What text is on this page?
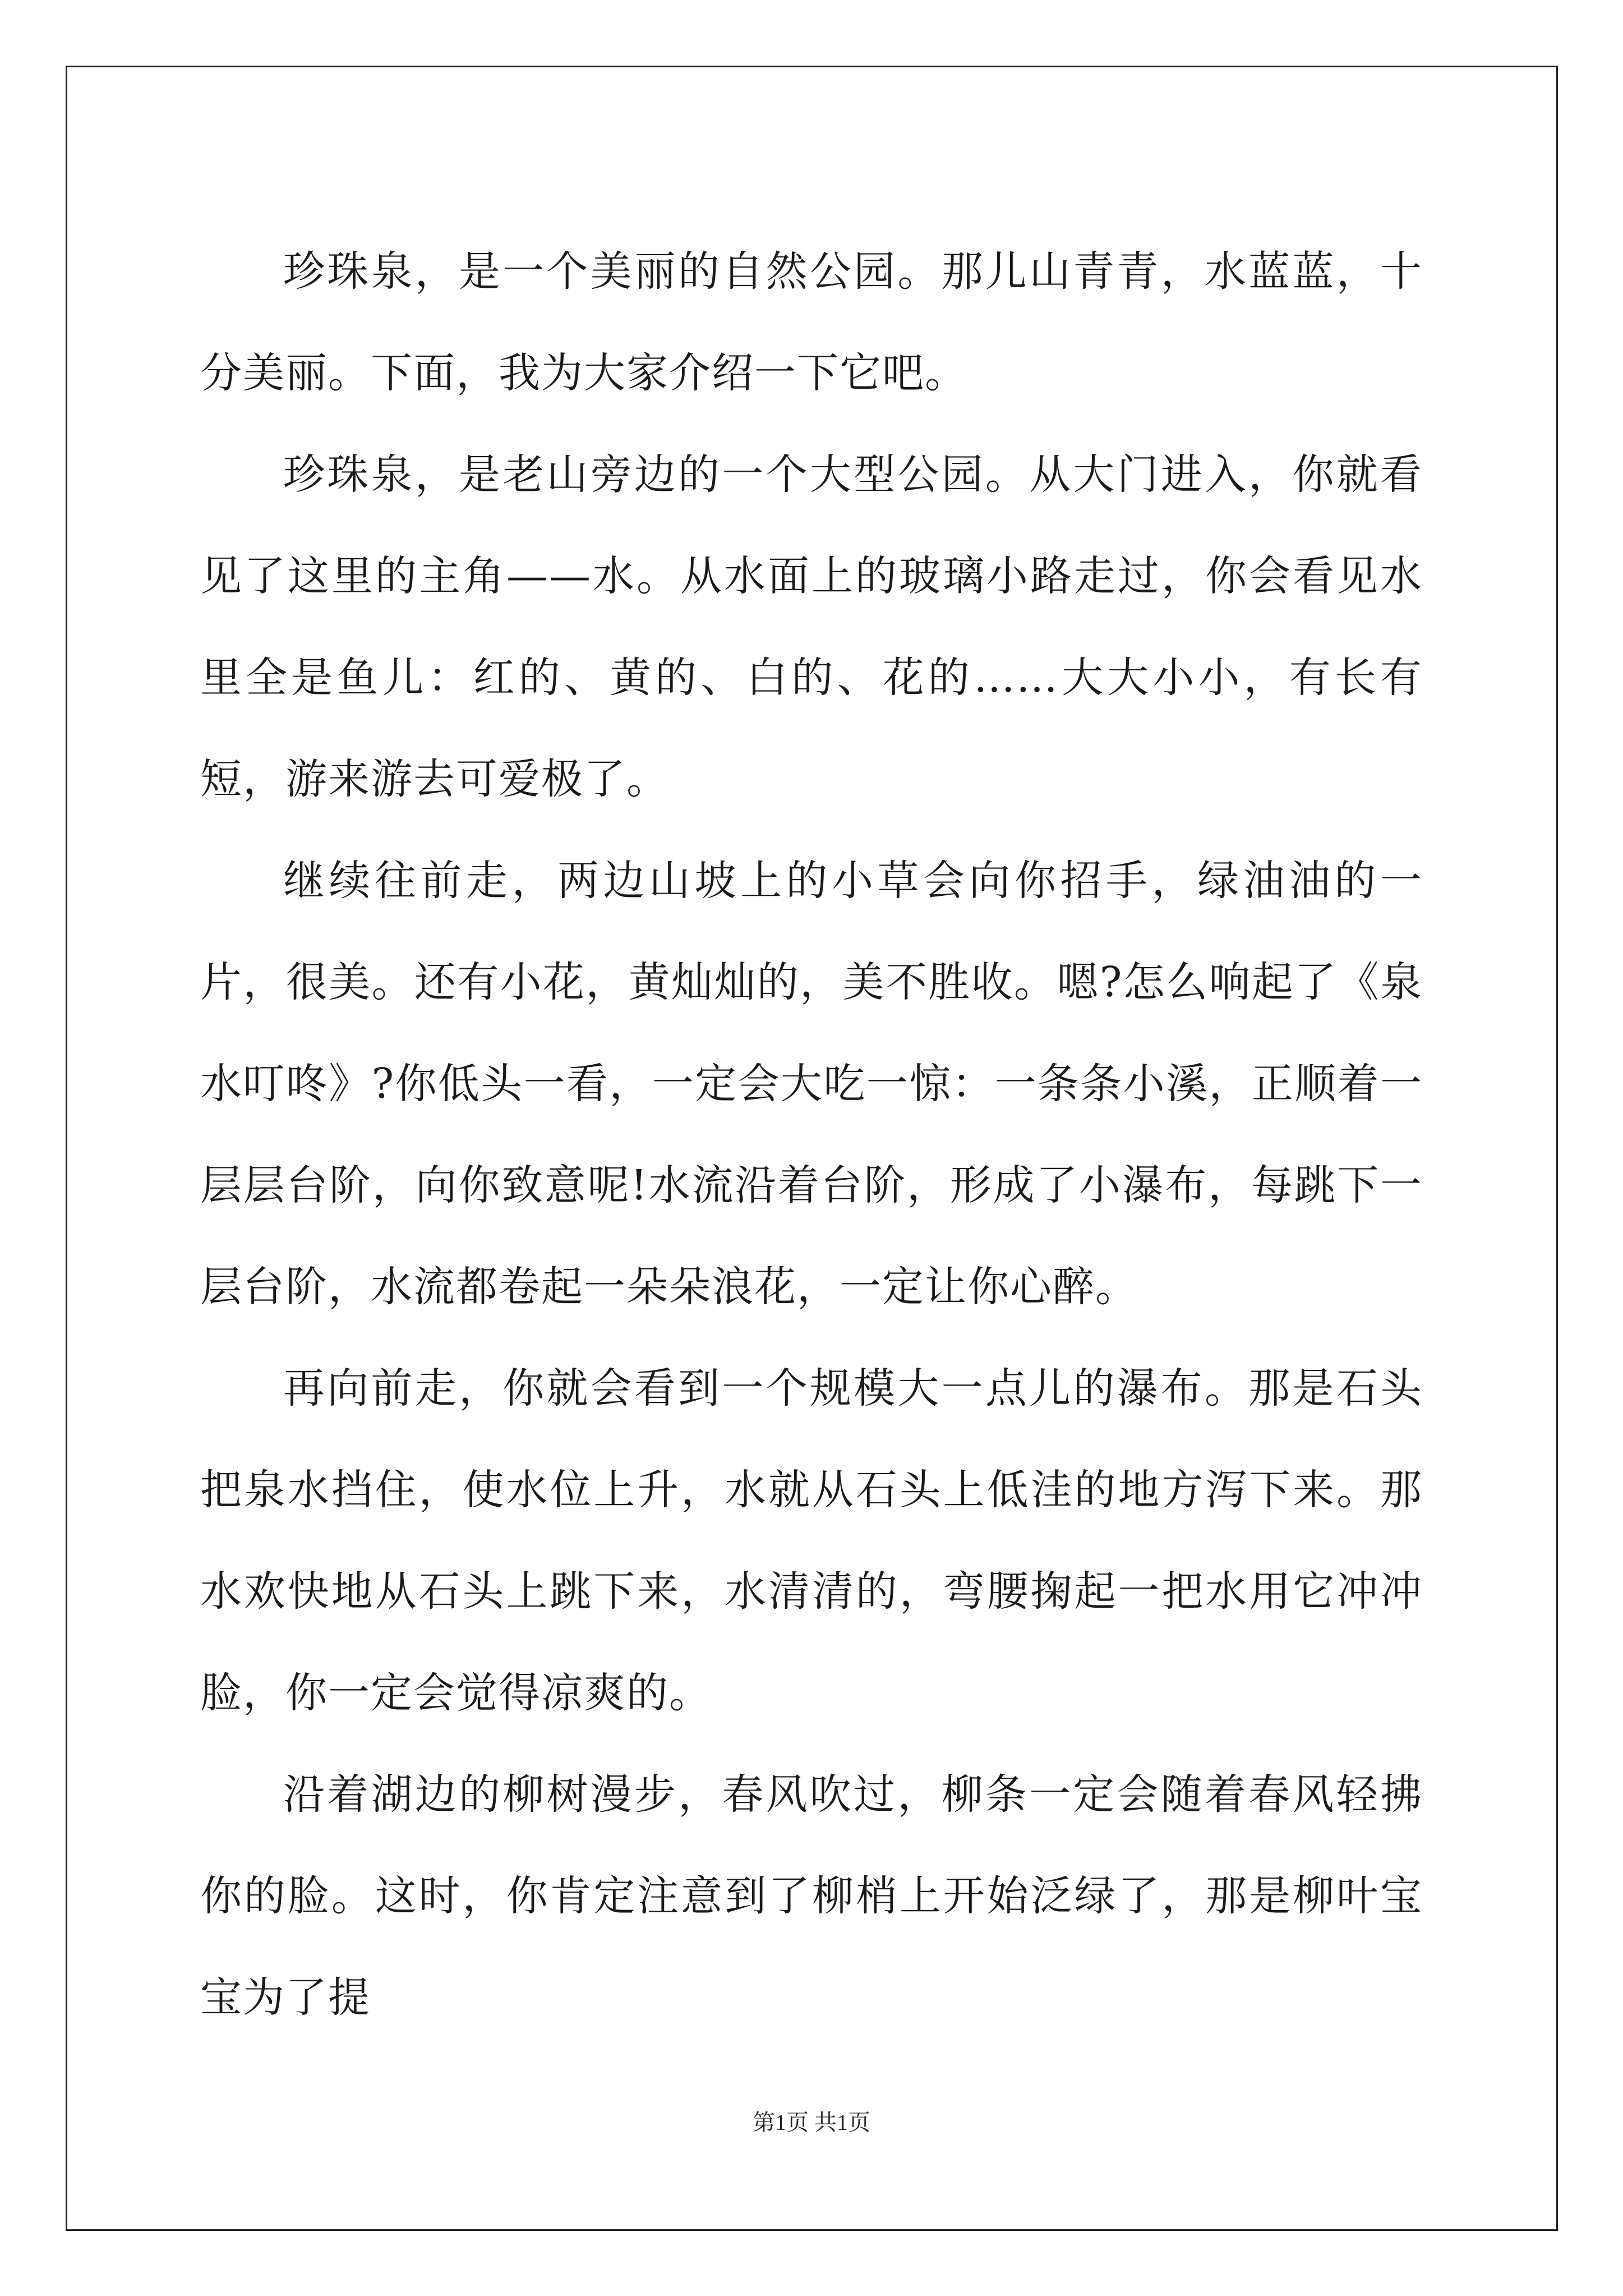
珍珠泉，是一个美丽的自然公园。那儿山青青，水蓝蓝，十分美丽。下面，我为大家介绍一下它吧。

珍珠泉，是老山旁边的一个大型公园。从大门进入，你就看见了这里的主角——水。从水面上的玻璃小路走过，你会看见水里全是鱼儿：红的、黄的、白的、花的……大大小小，有长有短，游来游去可爱极了。

继续往前走，两边山坡上的小草会向你招手，绿油油的一片，很美。还有小花，黄灿灿的，美不胜收。嗯?怎么响起了《泉水叮咚》?你低头一看，一定会大吃一惊：一条条小溪，正顺着一层层台阶，向你致意呢!水流沿着台阶，形成了小瀑布，每跳下一层台阶，水流都卷起一朵朵浪花，一定让你心醉。

再向前走，你就会看到一个规模大一点儿的瀑布。那是石头把泉水挡住，使水位上升，水就从石头上低洼的地方泻下来。那水欢快地从石头上跳下来，水清清的，弯腰掬起一把水用它冲冲脸，你一定会觉得凉爽的。

沿着湖边的柳树漫步，春风吹过，柳条一定会随着春风轻拂你的脸。这时，你肯定注意到了柳梢上开始泛绿了，那是柳叶宝宝为了提

第1页 共1页
